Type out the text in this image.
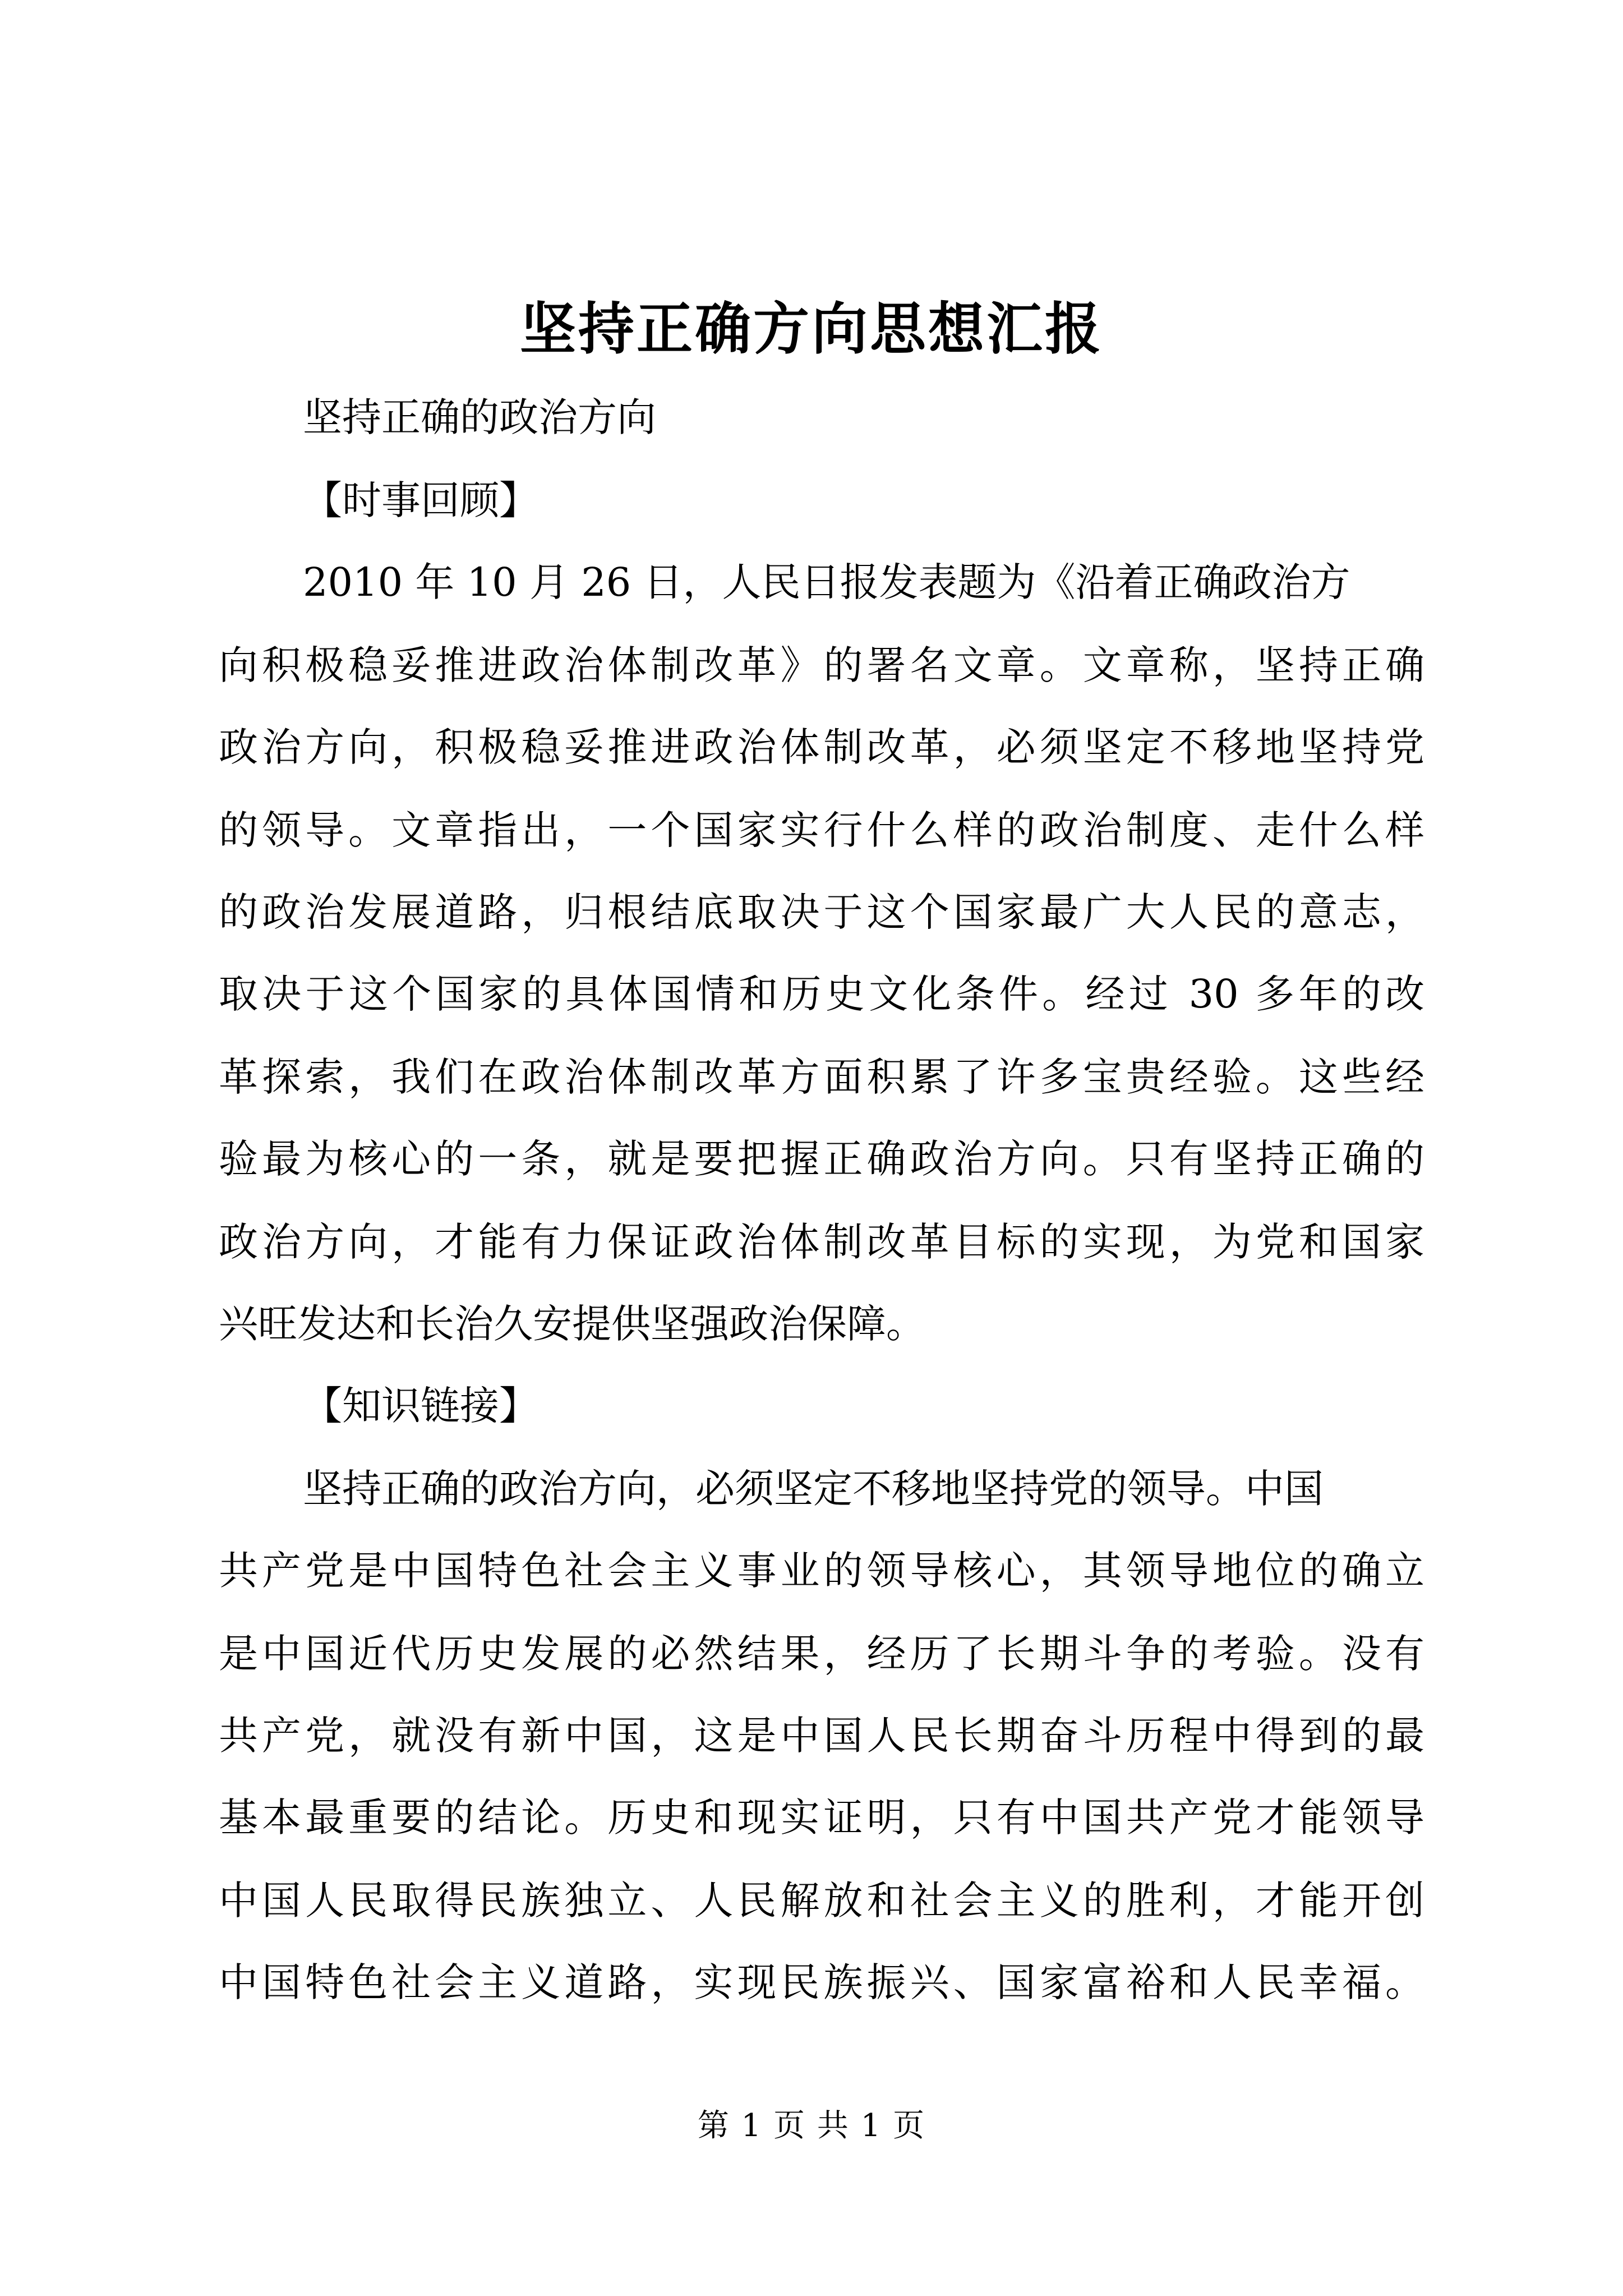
坚持正确方向思想汇报
坚持正确的政治方向
【时事回顾】
2010 年 10 月 26 日，人民日报发表题为《沿着正确政治方
向积极稳妥推进政治体制改革》的署名文章。文章称，坚持正确
政治方向，积极稳妥推进政治体制改革，必须坚定不移地坚持党
的领导。文章指出，一个国家实行什么样的政治制度、走什么样
的政治发展道路，归根结底取决于这个国家最广大人民的意志，
取决于这个国家的具体国情和历史文化条件。经过 30 多年的改
革探索，我们在政治体制改革方面积累了许多宝贵经验。这些经
验最为核心的一条，就是要把握正确政治方向。只有坚持正确的
政治方向，才能有力保证政治体制改革目标的实现，为党和国家
兴旺发达和长治久安提供坚强政治保障。
【知识链接】
坚持正确的政治方向，必须坚定不移地坚持党的领导。中国
共产党是中国特色社会主义事业的领导核心，其领导地位的确立
是中国近代历史发展的必然结果，经历了长期斗争的考验。没有
共产党，就没有新中国，这是中国人民长期奋斗历程中得到的最
基本最重要的结论。历史和现实证明，只有中国共产党才能领导
中国人民取得民族独立、人民解放和社会主义的胜利，才能开创
中国特色社会主义道路，实现民族振兴、国家富裕和人民幸福。
第 1 页 共 1 页
